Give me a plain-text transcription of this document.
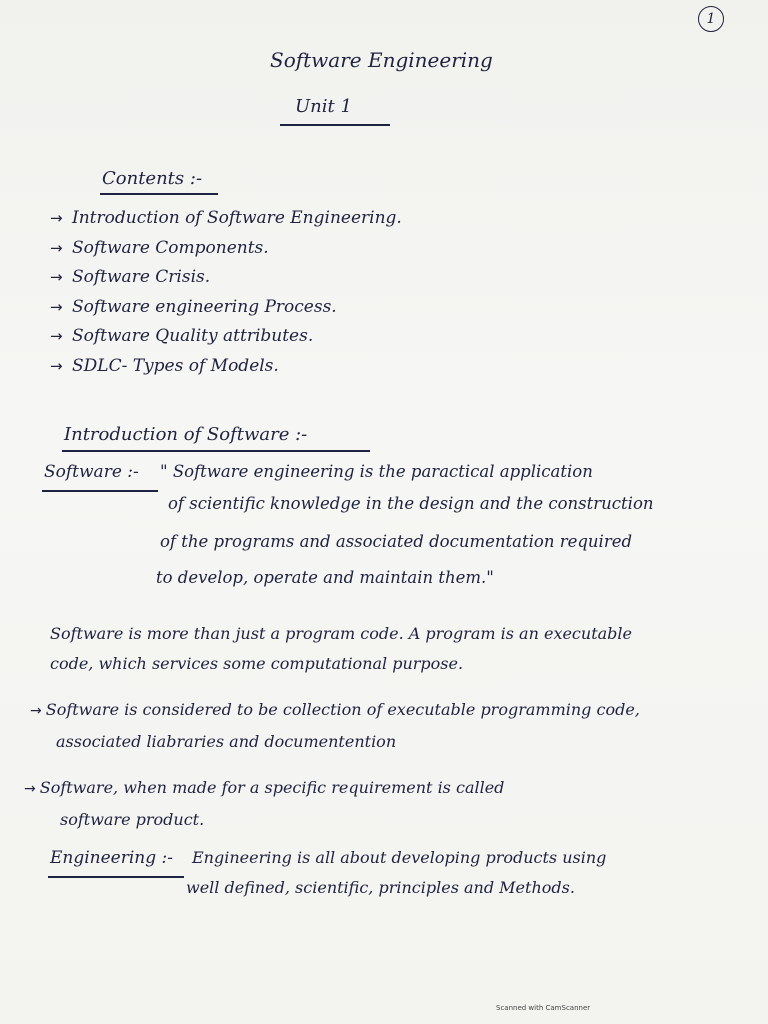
1
Software Engineering
Unit 1
Contents :-
→ Introduction of Software Engineering.
→ Software Components.
→ Software Crisis.
→ Software engineering Process.
→ Software Quality attributes.
→ SDLC- Types of Models.
Introduction of Software :-
Software :- " Software engineering is the paractical application
of scientific knowledge in the design and the construction
of the programs and associated documentation required
to develop, operate and maintain them."
Software is more than just a program code. A program is an executable
code, which services some computational purpose.
→ Software is considered to be collection of executable programming code,
associated liabraries and documentention
→ Software, when made for a specific requirement is called
software product.
Engineering :- Engineering is all about developing products using
well defined, scientific, principles and Methods.
Scanned with CamScanner
